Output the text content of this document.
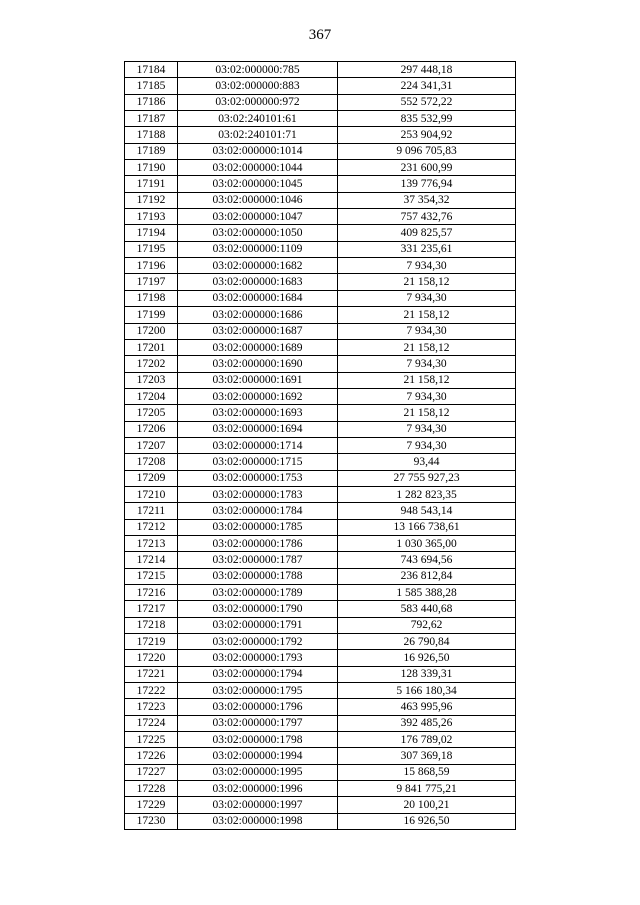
367
17184	03:02:000000:785	297 448,18
17185	03:02:000000:883	224 341,31
17186	03:02:000000:972	552 572,22
17187	03:02:240101:61	835 532,99
17188	03:02:240101:71	253 904,92
17189	03:02:000000:1014	9 096 705,83
17190	03:02:000000:1044	231 600,99
17191	03:02:000000:1045	139 776,94
17192	03:02:000000:1046	37 354,32
17193	03:02:000000:1047	757 432,76
17194	03:02:000000:1050	409 825,57
17195	03:02:000000:1109	331 235,61
17196	03:02:000000:1682	7 934,30
17197	03:02:000000:1683	21 158,12
17198	03:02:000000:1684	7 934,30
17199	03:02:000000:1686	21 158,12
17200	03:02:000000:1687	7 934,30
17201	03:02:000000:1689	21 158,12
17202	03:02:000000:1690	7 934,30
17203	03:02:000000:1691	21 158,12
17204	03:02:000000:1692	7 934,30
17205	03:02:000000:1693	21 158,12
17206	03:02:000000:1694	7 934,30
17207	03:02:000000:1714	7 934,30
17208	03:02:000000:1715	93,44
17209	03:02:000000:1753	27 755 927,23
17210	03:02:000000:1783	1 282 823,35
17211	03:02:000000:1784	948 543,14
17212	03:02:000000:1785	13 166 738,61
17213	03:02:000000:1786	1 030 365,00
17214	03:02:000000:1787	743 694,56
17215	03:02:000000:1788	236 812,84
17216	03:02:000000:1789	1 585 388,28
17217	03:02:000000:1790	583 440,68
17218	03:02:000000:1791	792,62
17219	03:02:000000:1792	26 790,84
17220	03:02:000000:1793	16 926,50
17221	03:02:000000:1794	128 339,31
17222	03:02:000000:1795	5 166 180,34
17223	03:02:000000:1796	463 995,96
17224	03:02:000000:1797	392 485,26
17225	03:02:000000:1798	176 789,02
17226	03:02:000000:1994	307 369,18
17227	03:02:000000:1995	15 868,59
17228	03:02:000000:1996	9 841 775,21
17229	03:02:000000:1997	20 100,21
17230	03:02:000000:1998	16 926,50
